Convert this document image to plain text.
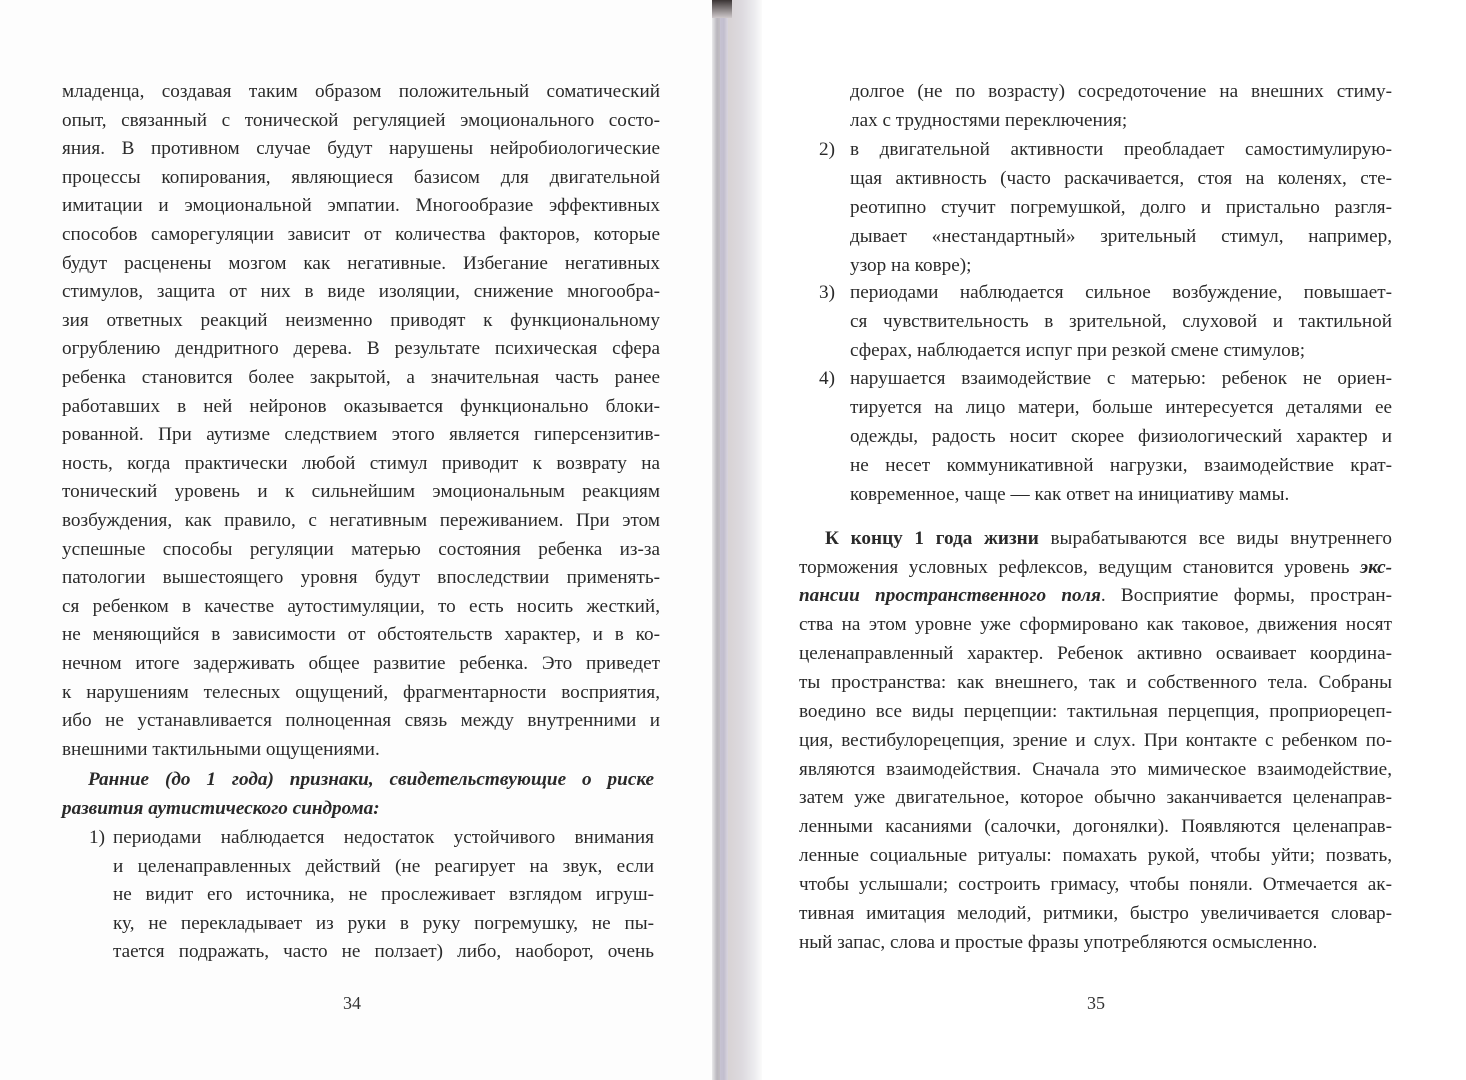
младенца, создавая таким образом положительный соматический
опыт, связанный с тонической регуляцией эмоционального состо-
яния. В противном случае будут нарушены нейробиологические
процессы копирования, являющиеся базисом для двигательной
имитации и эмоциональной эмпатии. Многообразие эффективных
способов саморегуляции зависит от количества факторов, которые
будут расценены мозгом как негативные. Избегание негативных
стимулов, защита от них в виде изоляции, снижение многообра-
зия ответных реакций неизменно приводят к функциональному
огрублению дендритного дерева. В результате психическая сфера
ребенка становится более закрытой, а значительная часть ранее
работавших в ней нейронов оказывается функционально блоки-
рованной. При аутизме следствием этого является гиперсензитив-
ность, когда практически любой стимул приводит к возврату на
тонический уровень и к сильнейшим эмоциональным реакциям
возбуждения, как правило, с негативным переживанием. При этом
успешные способы регуляции матерью состояния ребенка из-за
патологии вышестоящего уровня будут впоследствии применять-
ся ребенком в качестве аутостимуляции, то есть носить жесткий,
не меняющийся в зависимости от обстоятельств характер, и в ко-
нечном итоге задерживать общее развитие ребенка. Это приведет
к нарушениям телесных ощущений, фрагментарности восприятия,
ибо не устанавливается полноценная связь между внутренними и
внешними тактильными ощущениями.
Ранние (до 1 года) признаки, свидетельствующие о риске
развития аутистического синдрома:
1) периодами наблюдается недостаток устойчивого внимания
и целенаправленных действий (не реагирует на звук, если
не видит его источника, не прослеживает взглядом игруш-
ку, не перекладывает из руки в руку погремушку, не пы-
тается подражать, часто не ползает) либо, наоборот, очень
34
долгое (не по возрасту) сосредоточение на внешних стиму-
лах с трудностями переключения;
2) в двигательной активности преобладает самостимулирую-
щая активность (часто раскачивается, стоя на коленях, сте-
реотипно стучит погремушкой, долго и пристально разгля-
дывает «нестандартный» зрительный стимул, например,
узор на ковре);
3) периодами наблюдается сильное возбуждение, повышает-
ся чувствительность в зрительной, слуховой и тактильной
сферах, наблюдается испуг при резкой смене стимулов;
4) нарушается взаимодействие с матерью: ребенок не ориен-
тируется на лицо матери, больше интересуется деталями ее
одежды, радость носит скорее физиологический характер и
не несет коммуникативной нагрузки, взаимодействие крат-
ковременное, чаще — как ответ на инициативу мамы.
К концу 1 года жизни вырабатываются все виды внутреннего
торможения условных рефлексов, ведущим становится уровень экс-
пансии пространственного поля. Восприятие формы, простран-
ства на этом уровне уже сформировано как таковое, движения носят
целенаправленный характер. Ребенок активно осваивает координа-
ты пространства: как внешнего, так и собственного тела. Собраны
воедино все виды перцепции: тактильная перцепция, проприорецеп-
ция, вестибулорецепция, зрение и слух. При контакте с ребенком по-
являются взаимодействия. Сначала это мимическое взаимодействие,
затем уже двигательное, которое обычно заканчивается целенаправ-
ленными касаниями (салочки, догонялки). Появляются целенаправ-
ленные социальные ритуалы: помахать рукой, чтобы уйти; позвать,
чтобы услышали; состроить гримасу, чтобы поняли. Отмечается ак-
тивная имитация мелодий, ритмики, быстро увеличивается словар-
ный запас, слова и простые фразы употребляются осмысленно.
35
